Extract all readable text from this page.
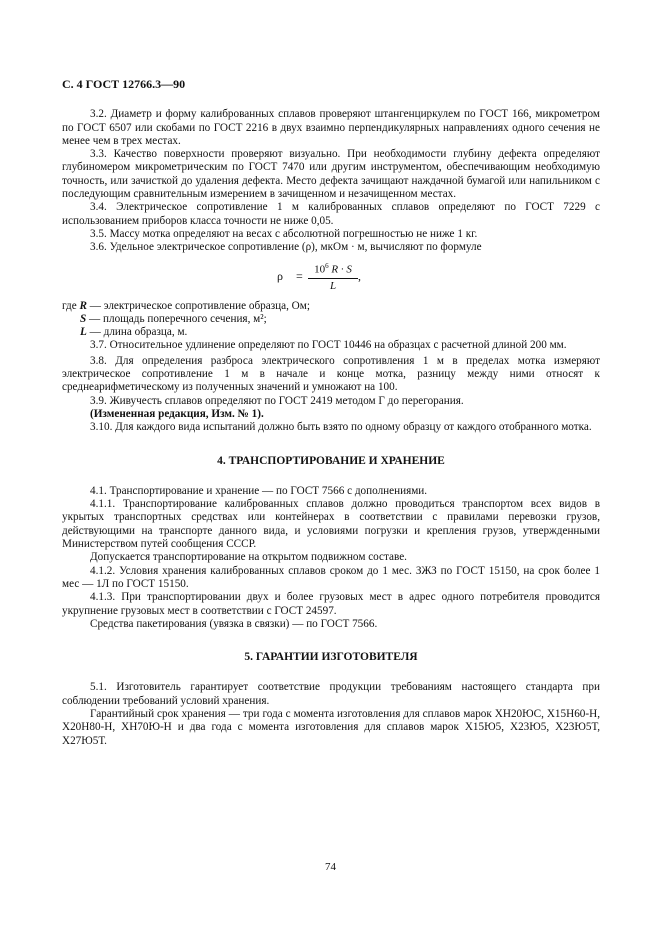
С. 4 ГОСТ 12766.3—90

3.2. Диаметр и форму калиброванных сплавов проверяют штангенциркулем по ГОСТ 166, микрометром по ГОСТ 6507 или скобами по ГОСТ 2216 в двух взаимно перпендикулярных направлениях одного сечения не менее чем в трех местах.

3.3. Качество поверхности проверяют визуально. При необходимости глубину дефекта определяют глубиномером микрометрическим по ГОСТ 7470 или другим инструментом, обеспечивающим необходимую точность, или зачисткой до удаления дефекта. Место дефекта зачищают наждачной бумагой или напильником с последующим сравнительным измерением в зачищенном и незачищенном местах.

3.4. Электрическое сопротивление 1 м калиброванных сплавов определяют по ГОСТ 7229 с использованием приборов класса точности не ниже 0,05.

3.5. Массу мотка определяют на весах с абсолютной погрешностью не ниже 1 кг.

3.6. Удельное электрическое сопротивление (ρ), мкОм · м, вычисляют по формуле

$\rho = \frac{10^6 R \cdot S}{L}$ ,

где R — электрическое сопротивление образца, Ом;

S — площадь поперечного сечения, м²;

L — длина образца, м.

3.7. Относительное удлинение определяют по ГОСТ 10446 на образцах с расчетной длиной 200 мм.

3.8. Для определения разброса электрического сопротивления 1 м в пределах мотка измеряют электрическое сопротивление 1 м в начале и конце мотка, разницу между ними относят к среднеарифметическому из полученных значений и умножают на 100.

3.9. Живучесть сплавов определяют по ГОСТ 2419 методом Г до перегорания.

(Измененная редакция, Изм. № 1).

3.10. Для каждого вида испытаний должно быть взято по одному образцу от каждого отобранного мотка.

4. ТРАНСПОРТИРОВАНИЕ И ХРАНЕНИЕ

4.1. Транспортирование и хранение — по ГОСТ 7566 с дополнениями.

4.1.1. Транспортирование калиброванных сплавов должно проводиться транспортом всех видов в укрытых транспортных средствах или контейнерах в соответствии с правилами перевозки грузов, действующими на транспорте данного вида, и условиями погрузки и крепления грузов, утвержденными Министерством путей сообщения СССР.

Допускается транспортирование на открытом подвижном составе.

4.1.2. Условия хранения калиброванных сплавов сроком до 1 мес. ЗЖЗ по ГОСТ 15150, на срок более 1 мес — 1Л по ГОСТ 15150.

4.1.3. При транспортировании двух и более грузовых мест в адрес одного потребителя проводится укрупнение грузовых мест в соответствии с ГОСТ 24597.

Средства пакетирования (увязка в связки) — по ГОСТ 7566.

5. ГАРАНТИИ ИЗГОТОВИТЕЛЯ

5.1. Изготовитель гарантирует соответствие продукции требованиям настоящего стандарта при соблюдении требований условий хранения.

Гарантийный срок хранения — три года с момента изготовления для сплавов марок ХН20ЮС, Х15Н60-Н, Х20Н80-Н, ХН70Ю-Н и два года с момента изготовления для сплавов марок Х15Ю5, Х23Ю5, Х23Ю5Т, Х27Ю5Т.

74
